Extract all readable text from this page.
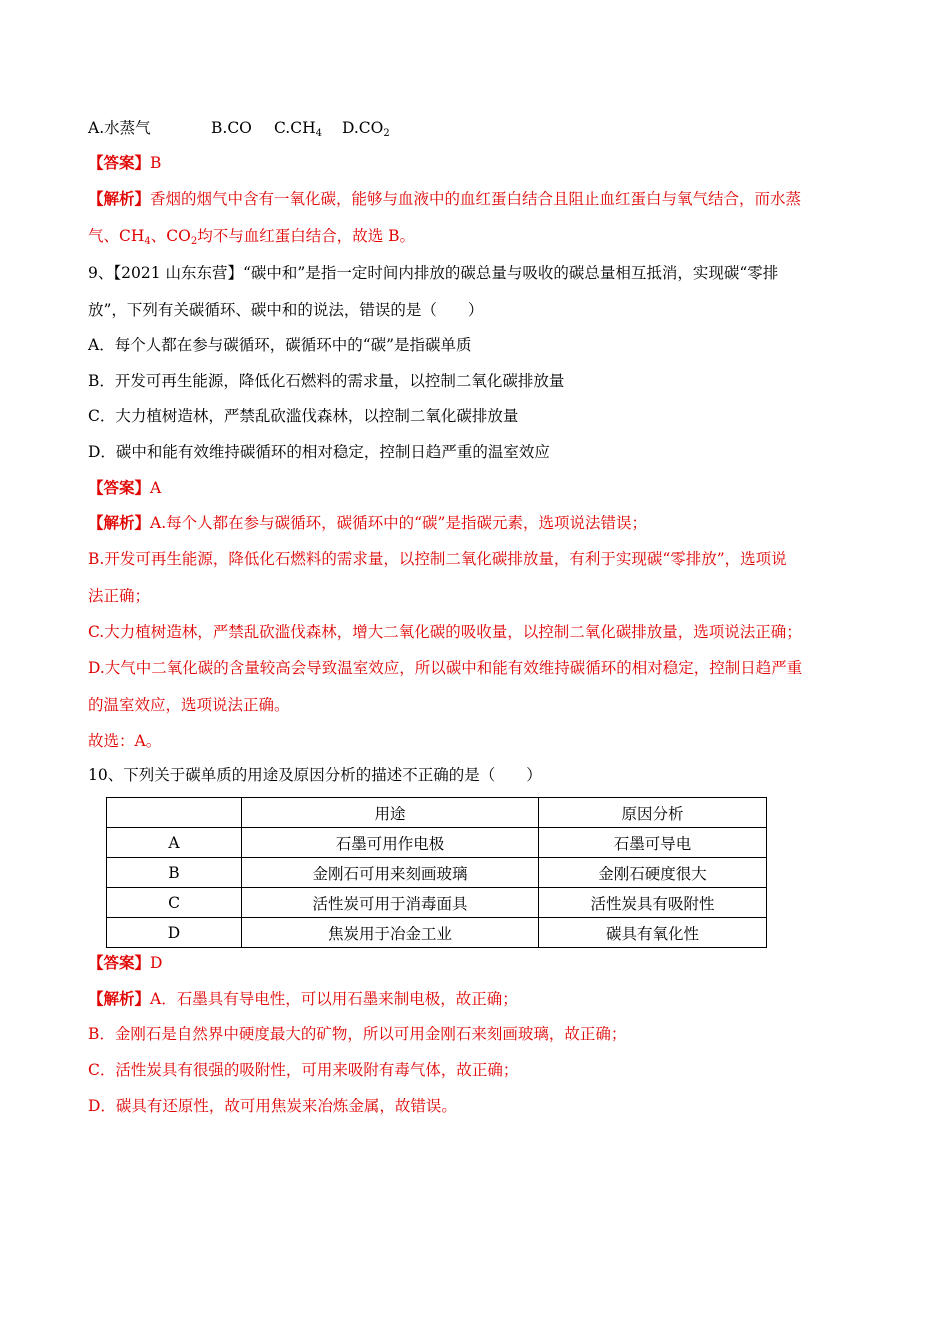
A.水蒸气	B.CO $C.CH_4$ $D.CO_2$
【答案】B
【解析】香烟的烟气中含有一氧化碳，能够与血液中的血红蛋白结合且阻止血红蛋白与氧气结合，而水蒸
气、$CH_4$、$CO_2$均不与血红蛋白结合，故选 B。
9、【2021 山东东营】“碳中和”是指一定时间内排放的碳总量与吸收的碳总量相互抵消，实现碳“零排
放”，下列有关碳循环、碳中和的说法，错误的是（　　）
A．每个人都在参与碳循环，碳循环中的“碳”是指碳单质
B．开发可再生能源，降低化石燃料的需求量，以控制二氧化碳排放量
C．大力植树造林，严禁乱砍滥伐森林，以控制二氧化碳排放量
D．碳中和能有效维持碳循环的相对稳定，控制日趋严重的温室效应
【答案】A
【解析】A.每个人都在参与碳循环，碳循环中的“碳”是指碳元素，选项说法错误；
B.开发可再生能源，降低化石燃料的需求量，以控制二氧化碳排放量，有利于实现碳“零排放”，选项说
法正确；
C.大力植树造林，严禁乱砍滥伐森林，增大二氧化碳的吸收量，以控制二氧化碳排放量，选项说法正确；
D.大气中二氧化碳的含量较高会导致温室效应，所以碳中和能有效维持碳循环的相对稳定，控制日趋严重
的温室效应，选项说法正确。
故选：A。
10、下列关于碳单质的用途及原因分析的描述不正确的是（　　）
	用途	原因分析
A	石墨可用作电极	石墨可导电
B	金刚石可用来刻画玻璃	金刚石硬度很大
C	活性炭可用于消毒面具	活性炭具有吸附性
D	焦炭用于冶金工业	碳具有氧化性
【答案】D
【解析】A．石墨具有导电性，可以用石墨来制电极，故正确；
B．金刚石是自然界中硬度最大的矿物，所以可用金刚石来刻画玻璃，故正确；
C．活性炭具有很强的吸附性，可用来吸附有毒气体，故正确；
D．碳具有还原性，故可用焦炭来冶炼金属，故错误。
